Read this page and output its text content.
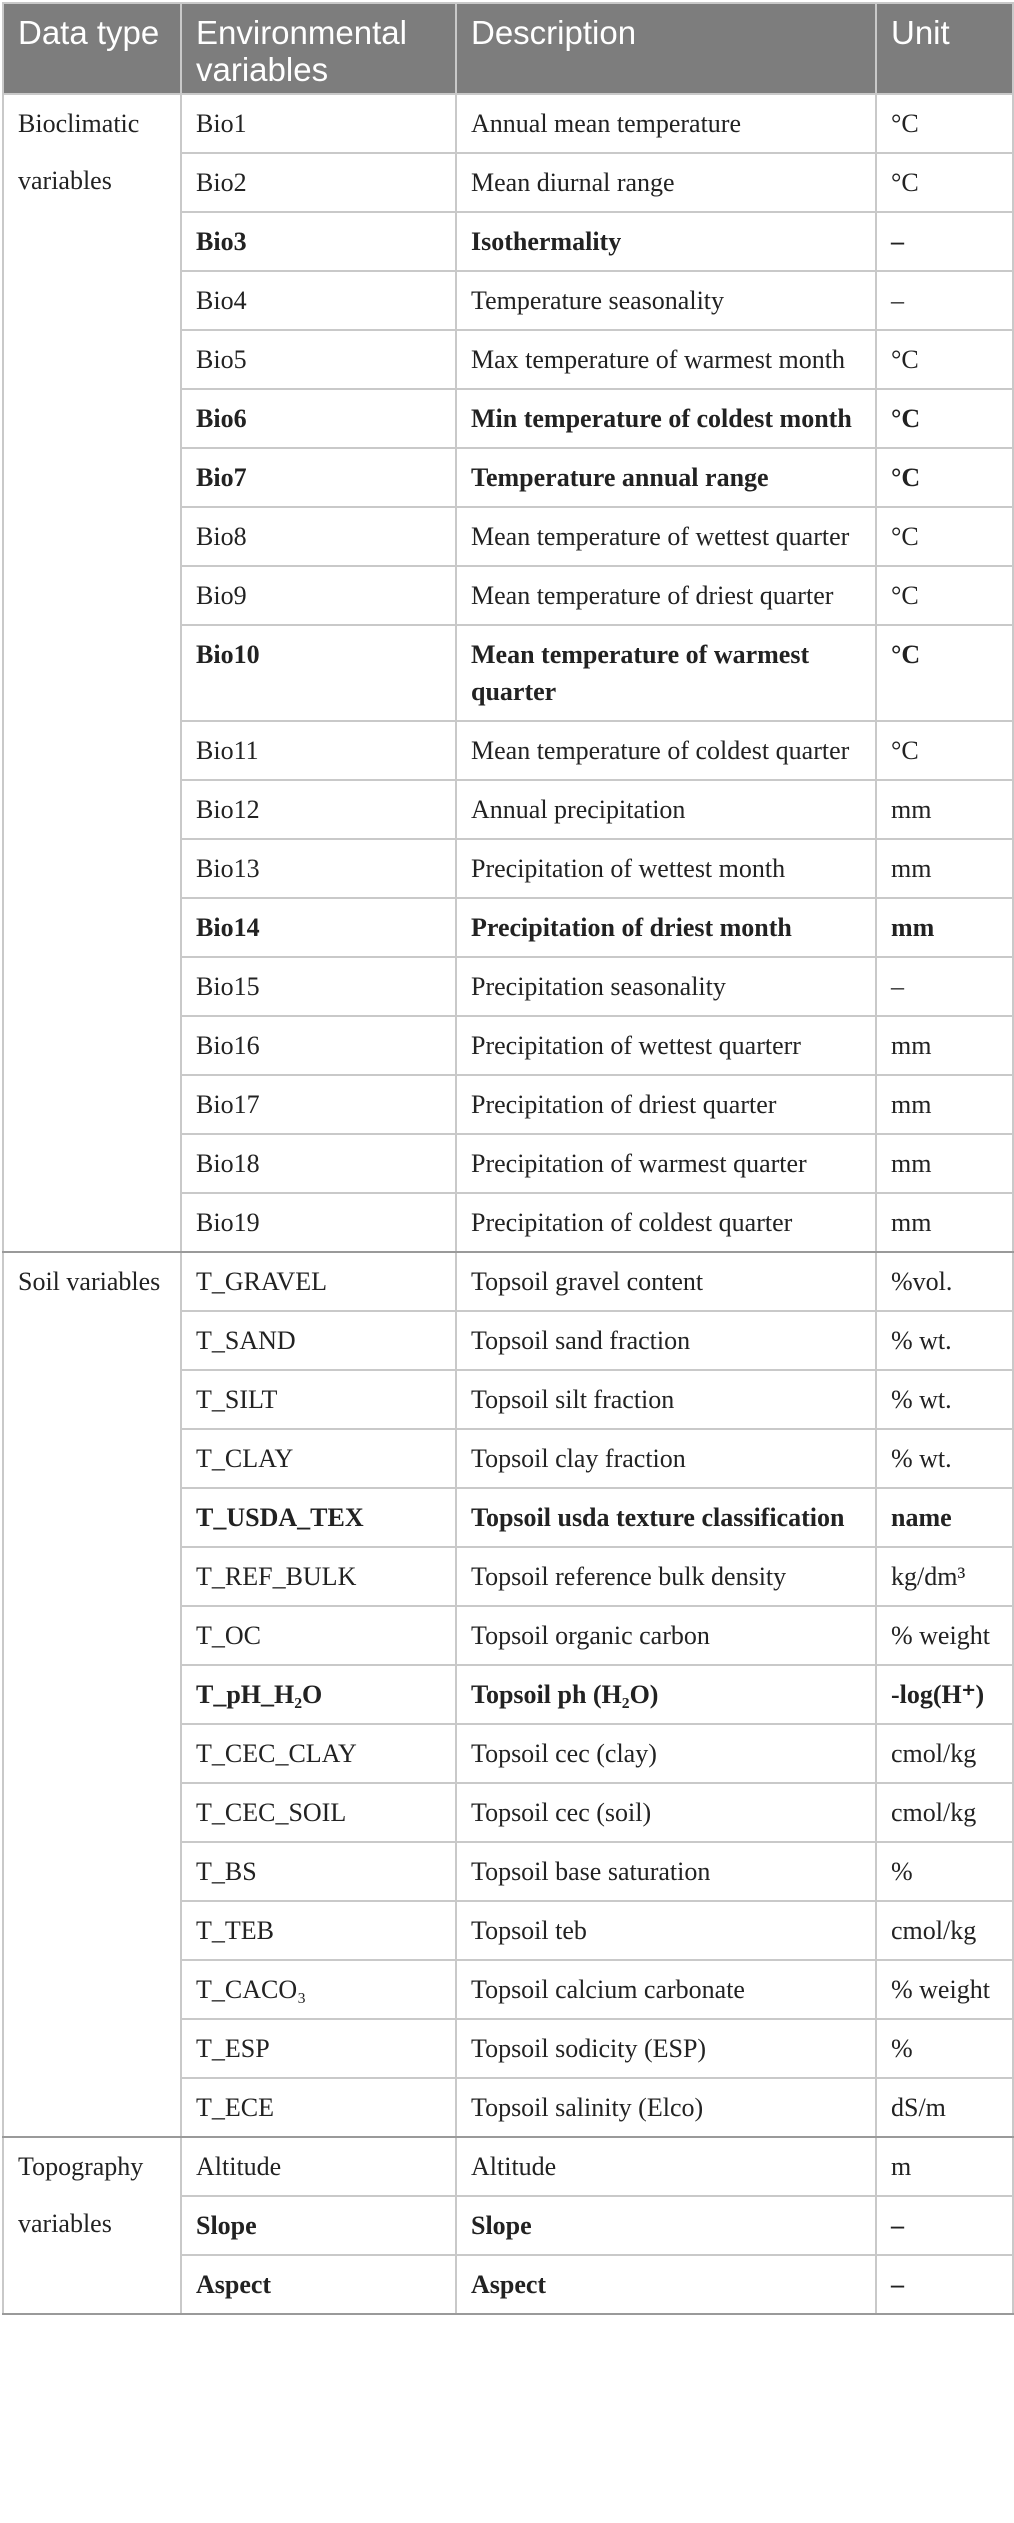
Data type	Environmental variables	Description	Unit
Bioclimatic variables	Bio1	Annual mean temperature	°C
	Bio2	Mean diurnal range	°C
	Bio3	Isothermality	–
	Bio4	Temperature seasonality	–
	Bio5	Max temperature of warmest month	°C
	Bio6	Min temperature of coldest month	°C
	Bio7	Temperature annual range	°C
	Bio8	Mean temperature of wettest quarter	°C
	Bio9	Mean temperature of driest quarter	°C
	Bio10	Mean temperature of warmest quarter	°C
	Bio11	Mean temperature of coldest quarter	°C
	Bio12	Annual precipitation	mm
	Bio13	Precipitation of wettest month	mm
	Bio14	Precipitation of driest month	mm
	Bio15	Precipitation seasonality	–
	Bio16	Precipitation of wettest quarterr	mm
	Bio17	Precipitation of driest quarter	mm
	Bio18	Precipitation of warmest quarter	mm
	Bio19	Precipitation of coldest quarter	mm
Soil variables	T_GRAVEL	Topsoil gravel content	%vol.
	T_SAND	Topsoil sand fraction	% wt.
	T_SILT	Topsoil silt fraction	% wt.
	T_CLAY	Topsoil clay fraction	% wt.
	T_USDA_TEX	Topsoil usda texture classification	name
	T_REF_BULK	Topsoil reference bulk density	kg/dm³
	T_OC	Topsoil organic carbon	% weight
	T_pH_H₂O	Topsoil ph (H₂O)	-log(H⁺)
	T_CEC_CLAY	Topsoil cec (clay)	cmol/kg
	T_CEC_SOIL	Topsoil cec (soil)	cmol/kg
	T_BS	Topsoil base saturation	%
	T_TEB	Topsoil teb	cmol/kg
	T_CACO₃	Topsoil calcium carbonate	% weight
	T_ESP	Topsoil sodicity (ESP)	%
	T_ECE	Topsoil salinity (Elco)	dS/m
Topography variables	Altitude	Altitude	m
	Slope	Slope	–
	Aspect	Aspect	–
